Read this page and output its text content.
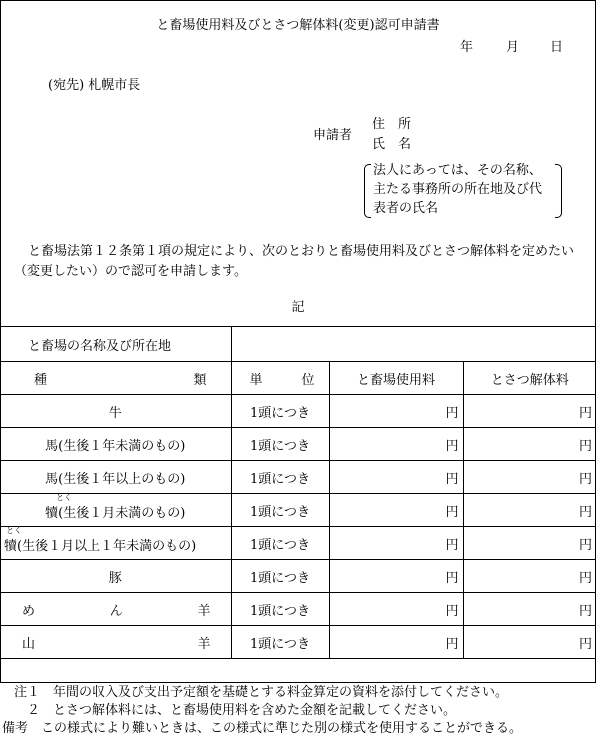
と畜場使用料及びとさつ解体料(変更)認可申請書
年	月 日
(宛先) 札幌市長
申請者
住　所
氏　名
法人にあっては、その名称、
主たる事務所の所在地及び代
表者の氏名
と畜場法第１２条第１項の規定により、次のとおりと畜場使用料及びとさつ解体料を定めたい（変更したい）ので認可を申請します。
記
と畜場の名称及び所在地			

種 類	単 位	と畜場使用料	とさつ解体料
牛	1頭につき	円	円
馬(生後１年未満のもの)	1頭につき	円	円
馬(生後１年以上のもの)	1頭につき	円	円

とく
犢(生後１月未満のもの)	1頭につき	円	円

とく
犢(生後１月以上１年未満のもの)	1頭につき	円	円
豚	1頭につき	円	円

め ん 羊	1頭につき	円	円

山 羊	1頭につき	円	円
注１　年間の収入及び支出予定額を基礎とする料金算定の資料を添付してください。
　２　とさつ解体料には、と畜場使用料を含めた金額を記載してください。
備考　この様式により難いときは、この様式に準じた別の様式を使用することができる。
